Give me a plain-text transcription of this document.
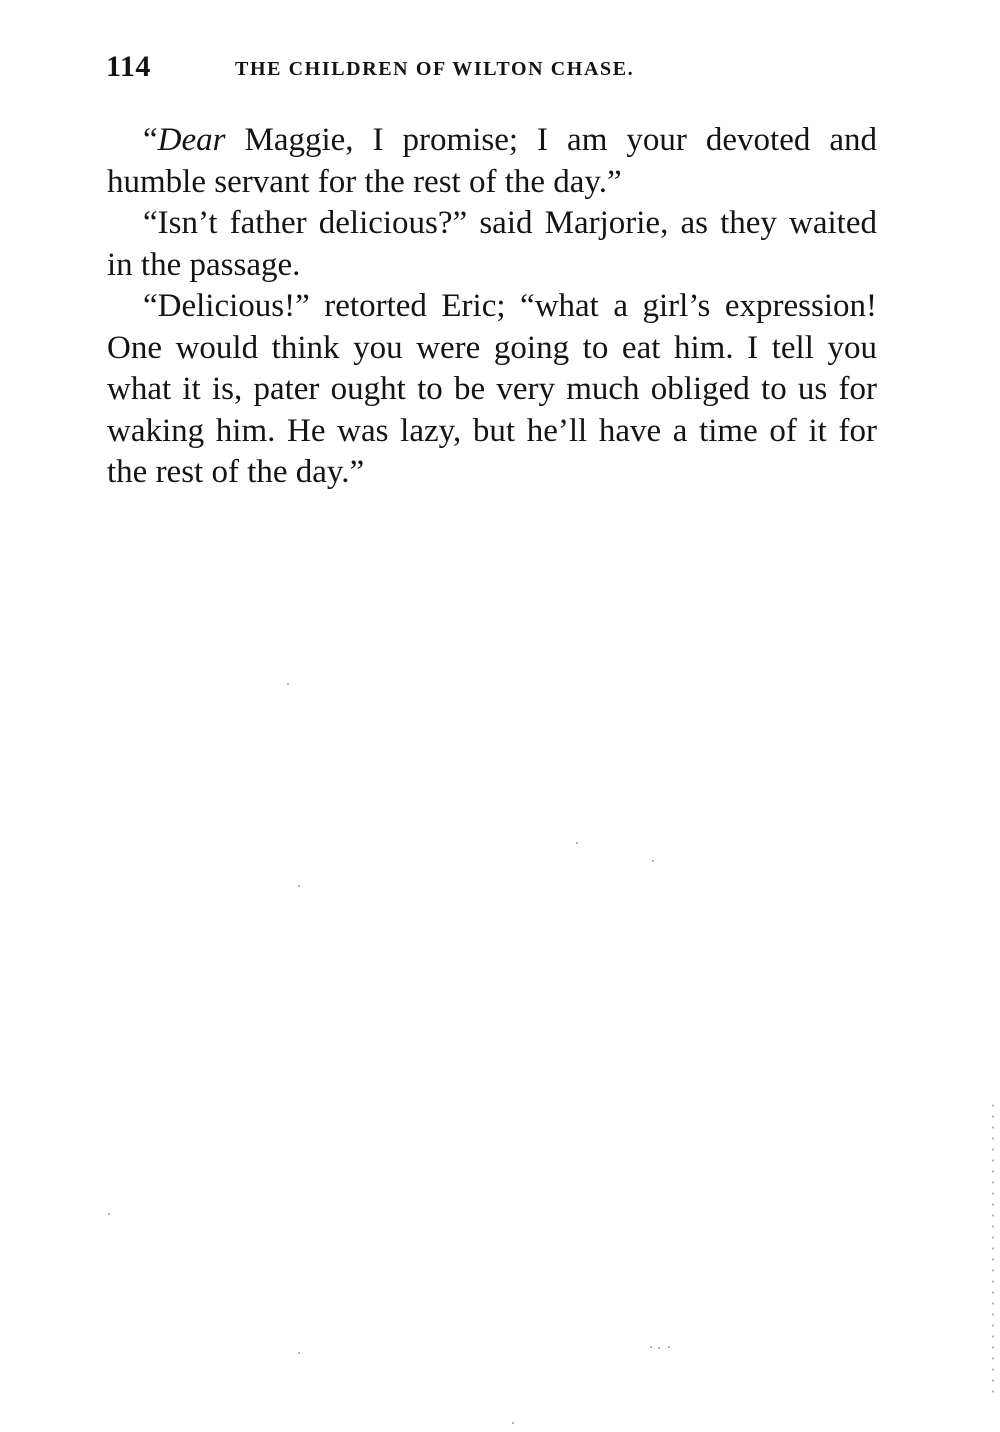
114	THE CHILDREN OF WILTON CHASE.

“Dear Maggie, I promise; I am your devoted and humble servant for the rest of the day.”

“Isn’t father delicious?” said Marjorie, as they waited in the passage.

“Delicious!” retorted Eric; “what a girl’s expression! One would think you were going to eat him. I tell you what it is, pater ought to be very much obliged to us for waking him. He was lazy, but he’ll have a time of it for the rest of the day.”
